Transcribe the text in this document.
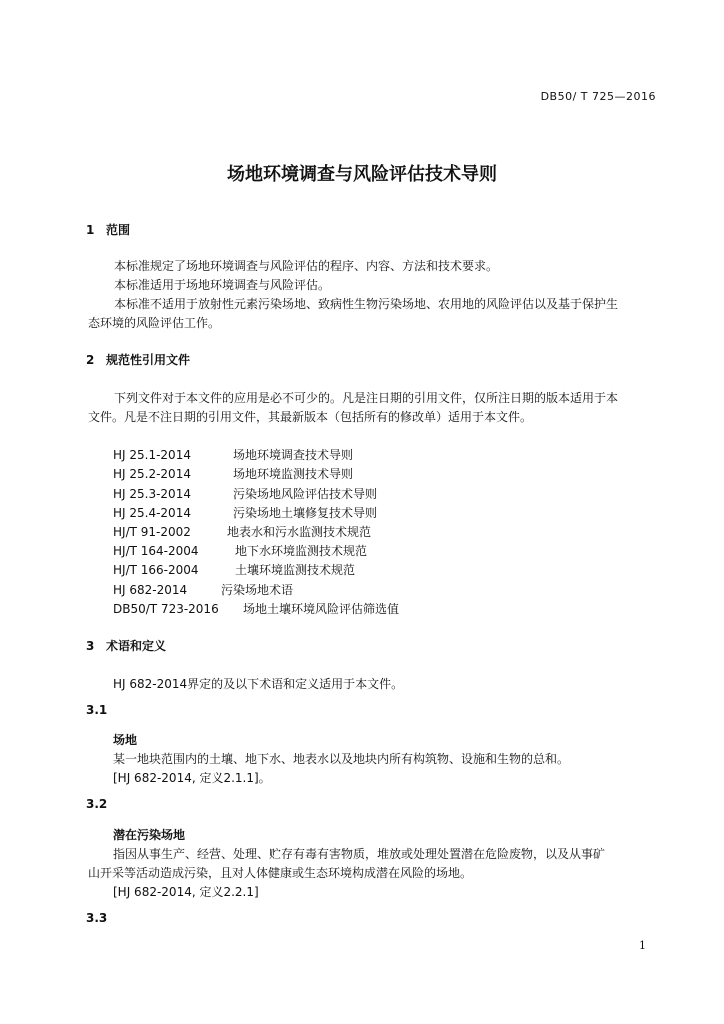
DB50/ T 725—2016
场地环境调查与风险评估技术导则
1 范围
本标准规定了场地环境调查与风险评估的程序、内容、方法和技术要求。
本标准适用于场地环境调查与风险评估。
本标准不适用于放射性元素污染场地、致病性生物污染场地、农用地的风险评估以及基于保护生
态环境的风险评估工作。
2 规范性引用文件
下列文件对于本文件的应用是必不可少的。凡是注日期的引用文件，仅所注日期的版本适用于本
文件。凡是不注日期的引用文件，其最新版本（包括所有的修改单）适用于本文件。
HJ 25.1-2014	场地环境调查技术导则
HJ 25.2-2014	场地环境监测技术导则
HJ 25.3-2014	污染场地风险评估技术导则
HJ 25.4-2014	污染场地土壤修复技术导则
HJ/T 91-2002	地表水和污水监测技术规范
HJ/T 164-2004	地下水环境监测技术规范
HJ/T 166-2004	土壤环境监测技术规范
HJ 682-2014	污染场地术语
DB50/T 723-2016 场地土壤环境风险评估筛选值
3 术语和定义
HJ 682-2014界定的及以下术语和定义适用于本文件。
3.1
场地
某一地块范围内的土壤、地下水、地表水以及地块内所有构筑物、设施和生物的总和。
[HJ 682-2014, 定义2.1.1]。
3.2
潜在污染场地
指因从事生产、经营、处理、贮存有毒有害物质，堆放或处理处置潜在危险废物，以及从事矿
山开采等活动造成污染，且对人体健康或生态环境构成潜在风险的场地。
[HJ 682-2014, 定义2.2.1]
3.3
1
